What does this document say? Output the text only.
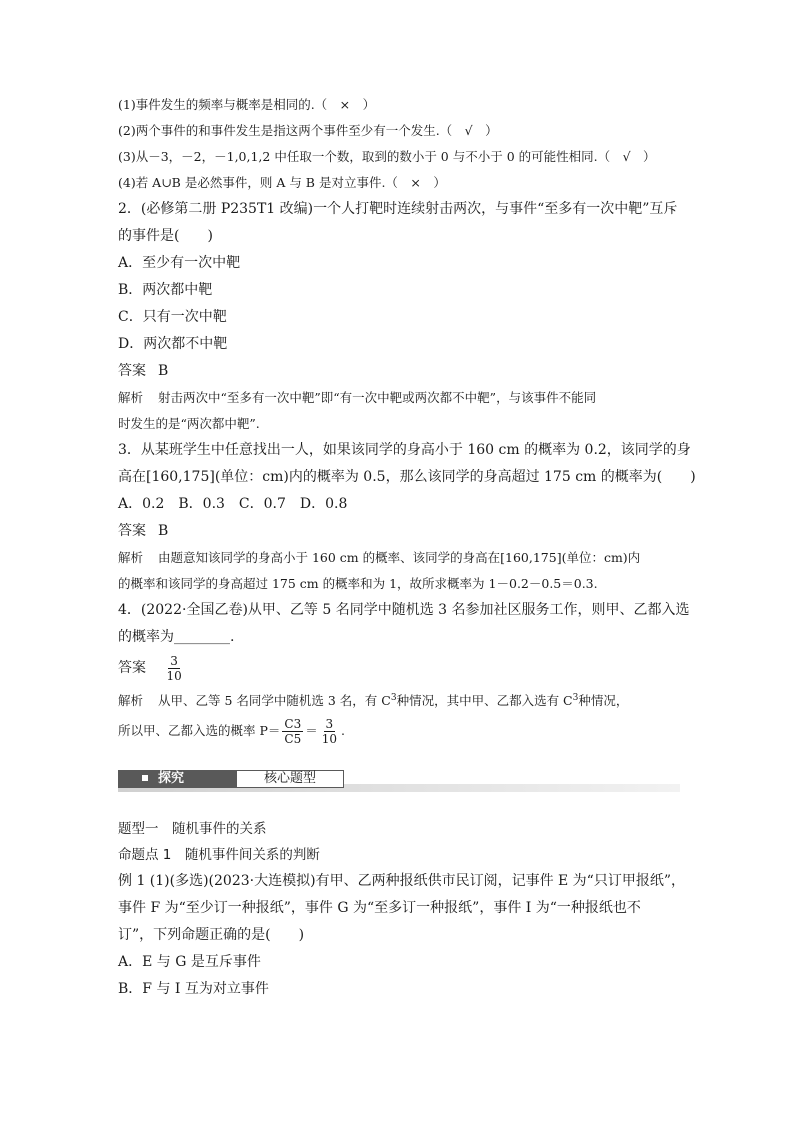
(1)事件发生的频率与概率是相同的.（　×　）
(2)两个事件的和事件发生是指这两个事件至少有一个发生.（　√　）
(3)从－3，－2，－1,0,1,2 中任取一个数，取到的数小于 0 与不小于 0 的可能性相同.（　√　）
(4)若 A∪B 是必然事件，则 A 与 B 是对立事件.（　×　）
2．(必修第二册 P235T1 改编)一个人打靶时连续射击两次，与事件“至多有一次中靶”互斥
的事件是(　　)
A．至少有一次中靶
B．两次都中靶
C．只有一次中靶
D．两次都不中靶
答案 B
解析 射击两次中“至多有一次中靶”即“有一次中靶或两次都不中靶”，与该事件不能同
时发生的是“两次都中靶”.
3．从某班学生中任意找出一人，如果该同学的身高小于 160 cm 的概率为 0.2，该同学的身
高在[160,175](单位：cm)内的概率为 0.5，那么该同学的身高超过 175 cm 的概率为(　　)
A．0.2　B．0.3　C．0.7　D．0.8
答案 B
解析 由题意知该同学的身高小于 160 cm 的概率、该同学的身高在[160,175](单位：cm)内
的概率和该同学的身高超过 175 cm 的概率和为 1，故所求概率为 1－0.2－0.5＝0.3.
4．(2022·全国乙卷)从甲、乙等 5 名同学中随机选 3 名参加社区服务工作，则甲、乙都入选
的概率为________.
答案 $\frac{3}{10}$
解析 从甲、乙等 5 名同学中随机选 3 名，有 $C^3$种情况，其中甲、乙都入选有 $C^3$种情况，
所以甲、乙都入选的概率 $P= \frac{C3}{C5} = \frac{3}{10}$ .
探究	核心题型
题型一　随机事件的关系
命题点 1　随机事件间关系的判断
例 1 (1)(多选)(2023·大连模拟)有甲、乙两种报纸供市民订阅，记事件 E 为“只订甲报纸”，
事件 F 为“至少订一种报纸”，事件 G 为“至多订一种报纸”，事件 I 为“一种报纸也不
订”，下列命题正确的是(　　)
A．E 与 G 是互斥事件
B．F 与 I 互为对立事件
